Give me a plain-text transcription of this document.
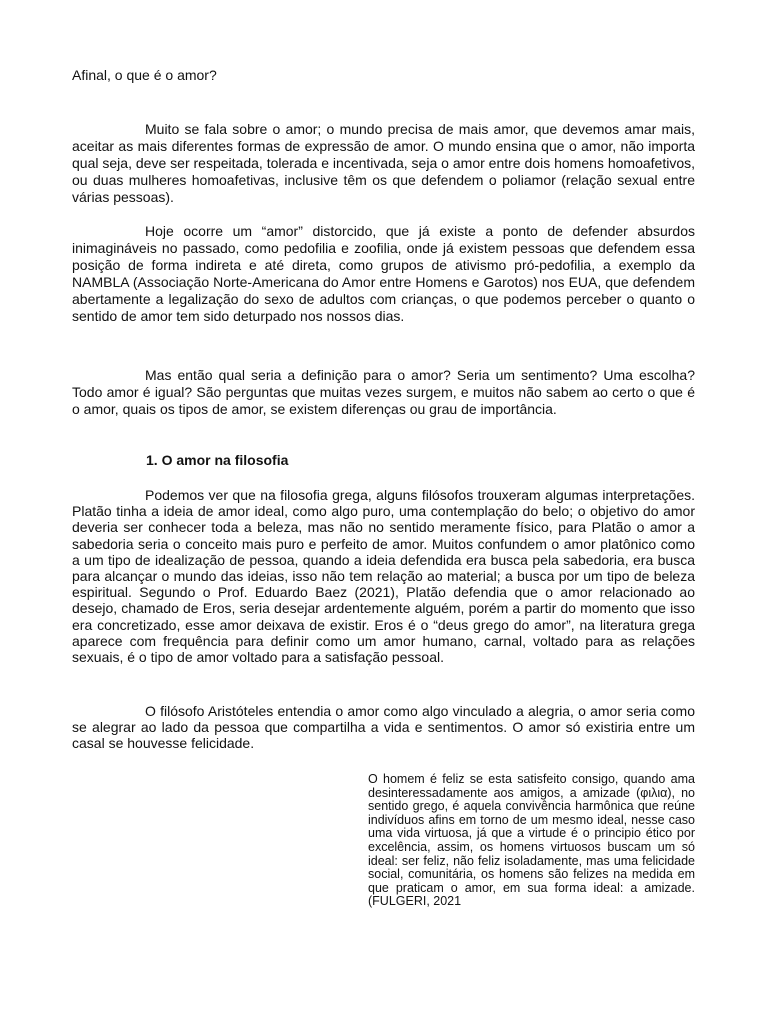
Afinal, o que é o amor?

Muito se fala sobre o amor; o mundo precisa de mais amor, que devemos amar mais, aceitar as mais diferentes formas de expressão de amor. O mundo ensina que o amor, não importa qual seja, deve ser respeitada, tolerada e incentivada, seja o amor entre dois homens homoafetivos, ou duas mulheres homoafetivas, inclusive têm os que defendem o poliamor (relação sexual entre várias pessoas).

Hoje ocorre um “amor” distorcido, que já existe a ponto de defender absurdos inimagináveis no passado, como pedofilia e zoofilia, onde já existem pessoas que defendem essa posição de forma indireta e até direta, como grupos de ativismo pró-pedofilia, a exemplo da NAMBLA (Associação Norte-Americana do Amor entre Homens e Garotos) nos EUA, que defendem abertamente a legalização do sexo de adultos com crianças, o que podemos perceber o quanto o sentido de amor tem sido deturpado nos nossos dias.

Mas então qual seria a definição para o amor? Seria um sentimento? Uma escolha? Todo amor é igual? São perguntas que muitas vezes surgem, e muitos não sabem ao certo o que é o amor, quais os tipos de amor, se existem diferenças ou grau de importância.

1. O amor na filosofia

Podemos ver que na filosofia grega, alguns filósofos trouxeram algumas interpretações. Platão tinha a ideia de amor ideal, como algo puro, uma contemplação do belo; o objetivo do amor deveria ser conhecer toda a beleza, mas não no sentido meramente físico, para Platão o amor a sabedoria seria o conceito mais puro e perfeito de amor. Muitos confundem o amor platônico como a um tipo de idealização de pessoa, quando a ideia defendida era busca pela sabedoria, era busca para alcançar o mundo das ideias, isso não tem relação ao material; a busca por um tipo de beleza espiritual. Segundo o Prof. Eduardo Baez (2021), Platão defendia que o amor relacionado ao desejo, chamado de Eros, seria desejar ardentemente alguém, porém a partir do momento que isso era concretizado, esse amor deixava de existir. Eros é o “deus grego do amor”, na literatura grega aparece com frequência para definir como um amor humano, carnal, voltado para as relações sexuais, é o tipo de amor voltado para a satisfação pessoal.

O filósofo Aristóteles entendia o amor como algo vinculado a alegria, o amor seria como se alegrar ao lado da pessoa que compartilha a vida e sentimentos. O amor só existiria entre um casal se houvesse felicidade.

O homem é feliz se esta satisfeito consigo, quando ama desinteressadamente aos amigos, a amizade (φιλια), no sentido grego, é aquela convivência harmônica que reúne indivíduos afins em torno de um mesmo ideal, nesse caso uma vida virtuosa, já que a virtude é o principio ético por excelência, assim, os homens virtuosos buscam um só ideal: ser feliz, não feliz isoladamente, mas uma felicidade social, comunitária, os homens são felizes na medida em que praticam o amor, em sua forma ideal: a amizade. (FULGERI, 2021
